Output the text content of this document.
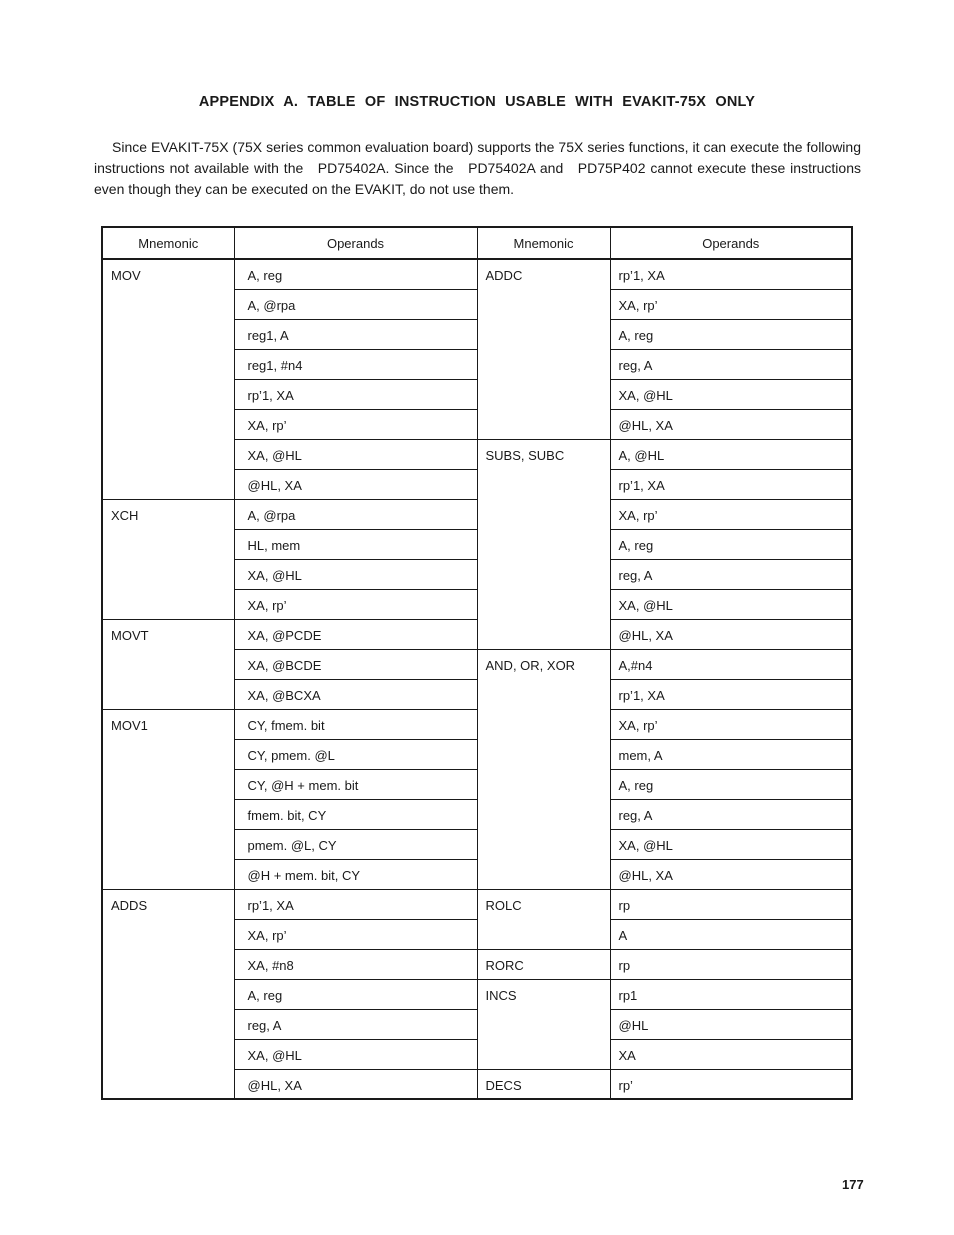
APPENDIX A. TABLE OF INSTRUCTION USABLE WITH EVAKIT-75X ONLY

Since EVAKIT-75X (75X series common evaluation board) supports the 75X series functions, it can execute the following instructions not available with the   PD75402A. Since the   PD75402A and   PD75P402 cannot execute these instructions even though they can be executed on the EVAKIT, do not use them.

Mnemonic	Operands	Mnemonic	Operands
MOV	A, reg	ADDC	rp’1, XA
	A, @rpa		XA, rp’
	reg1, A		A, reg
	reg1, #n4		reg, A
	rp’1, XA		XA, @HL
	XA, rp’		@HL, XA
	XA, @HL	SUBS, SUBC	A, @HL
	@HL, XA		rp’1, XA
XCH	A, @rpa		XA, rp’
	HL, mem		A, reg
	XA, @HL		reg, A
	XA, rp’		XA, @HL
MOVT	XA, @PCDE		@HL, XA
	XA, @BCDE	AND, OR, XOR	A,#n4
	XA, @BCXA		rp’1, XA
MOV1	CY, fmem. bit		XA, rp’
	CY, pmem. @L		mem, A
	CY, @H + mem. bit		A, reg
	fmem. bit, CY		reg, A
	pmem. @L, CY		XA, @HL
	@H + mem. bit, CY		@HL, XA
ADDS	rp’1, XA	ROLC	rp
	XA, rp’		A
	XA, #n8	RORC	rp
	A, reg	INCS	rp1
	reg, A		@HL
	XA, @HL		XA
	@HL, XA	DECS	rp’
177
